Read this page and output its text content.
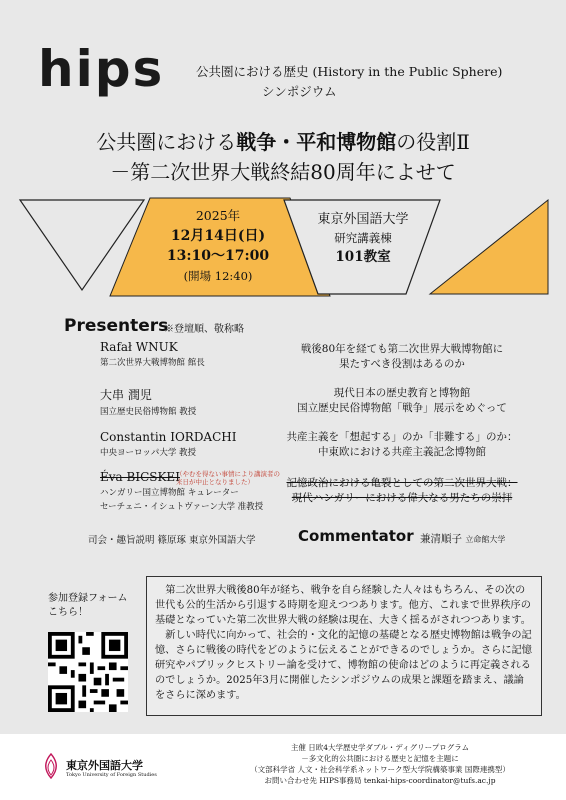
hips	公共圏における歴史 (History in the Public Sphere)
シンポジウム
公共圏における戦争・平和博物館の役割Ⅱ
－第二次世界大戦終結80周年によせて
2025年
12月14日(日)
13:10～17:00
(開場 12:40)
東京外国語大学
研究講義棟
101教室
Presenters
※登壇順、敬称略
Rafał WNUK
第二次世界大戦博物館 館長
戦後80年を経ても第二次世界大戦博物館に
果たすべき役割はあるのか
大串 潤児
国立歴史民俗博物館 教授
現代日本の歴史教育と博物館
国立歴史民俗博物館「戦争」展示をめぐって
Constantin IORDACHI
中央ヨーロッパ大学 教授
共産主義を「想起する」のか「非難する」のか：
中東欧における共産主義記念博物館
Éva BICSKEI
ハンガリー国立博物館 キュレーター
セーチェニ・イシュトヴァーン大学 准教授
（やむを得ない事情により講演者の来日が中止となりました）	記憶政治における亀裂としての第二次世界大戦：
現代ハンガリーにおける偉大なる男たちの崇拝
司会・趣旨説明 篠原琢 東京外国語大学	Commentator 兼清順子 立命館大学
参加登録フォーム
こちら！

第二次世界大戦後80年が経ち、戦争を自ら経験した人々はもちろん、その次の世代も公的生活から引退する時期を迎えつつあります。他方、これまで世界秩序の基礎となっていた第二次世界大戦の経験は現在、大きく揺るがされつつあります。

新しい時代に向かって、社会的・文化的記憶の基礎となる歴史博物館は戦争の記憶、さらに戦後の時代をどのように伝えることができるのでしょうか。さらに記憶研究やパブリックヒストリー論を受けて、博物館の使命はどのように再定義されるのでしょうか。2025年3月に開催したシンポジウムの成果と課題を踏まえ、議論をさらに深めます。

東京外国語大学
Tokyo University of Foreign Studies
主催 日欧4大学歴史学ダブル・ディグリープログラム
－多文化的公共圏における歴史と記憶を主題に
（文部科学省 人文・社会科学系ネットワーク型大学院構築事業 国際連携型）
お問い合わせ先 HIPS事務局 tenkai-hips-coordinator@tufs.ac.jp
